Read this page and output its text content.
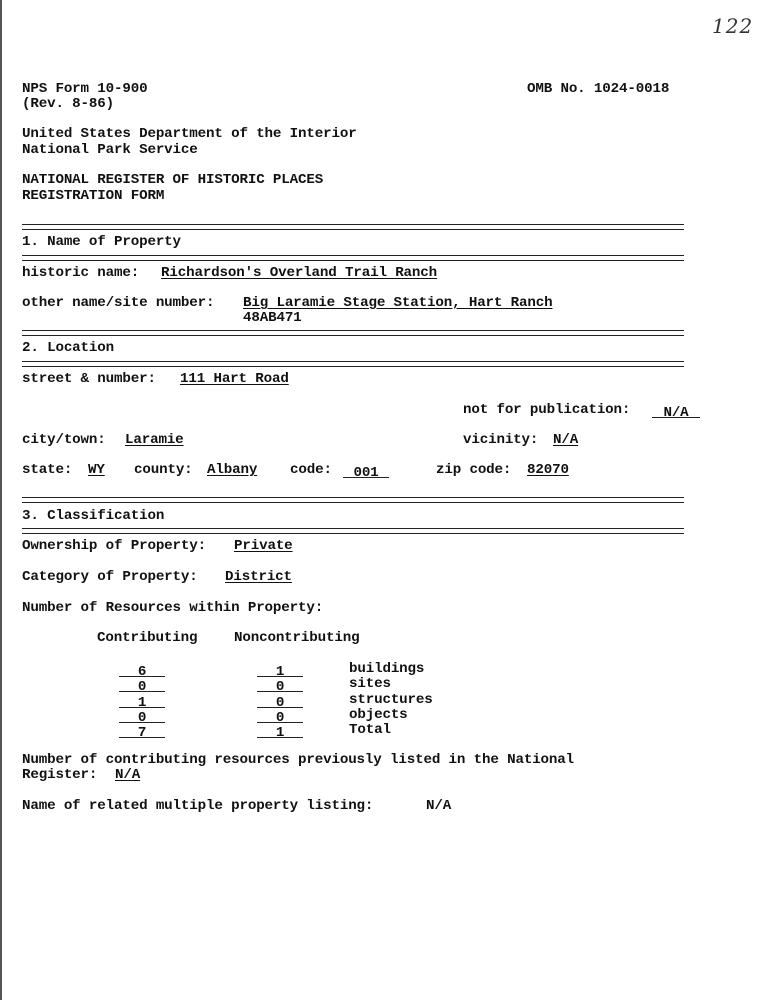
122
NPS Form 10-900
(Rev. 8-86)
OMB No. 1024-0018
United States Department of the Interior
National Park Service
NATIONAL REGISTER OF HISTORIC PLACES
REGISTRATION FORM
1. Name of Property
historic name: Richardson's Overland Trail Ranch
other name/site number: Big Laramie Stage Station, Hart Ranch
48AB471
2. Location
street & number: 111 Hart Road
not for publication:	N/A
city/town: Laramie	vicinity: N/A
state: WY county: Albany code:	001	zip code: 82070
3. Classification
Ownership of Property: Private
Category of Property: District
Number of Resources within Property:
Contributing	Noncontributing
6	1	buildings
0	0	sites
1	0	structures
0	0	objects
7	1	Total
Number of contributing resources previously listed in the National
Register: N/A
Name of related multiple property listing:	N/A
